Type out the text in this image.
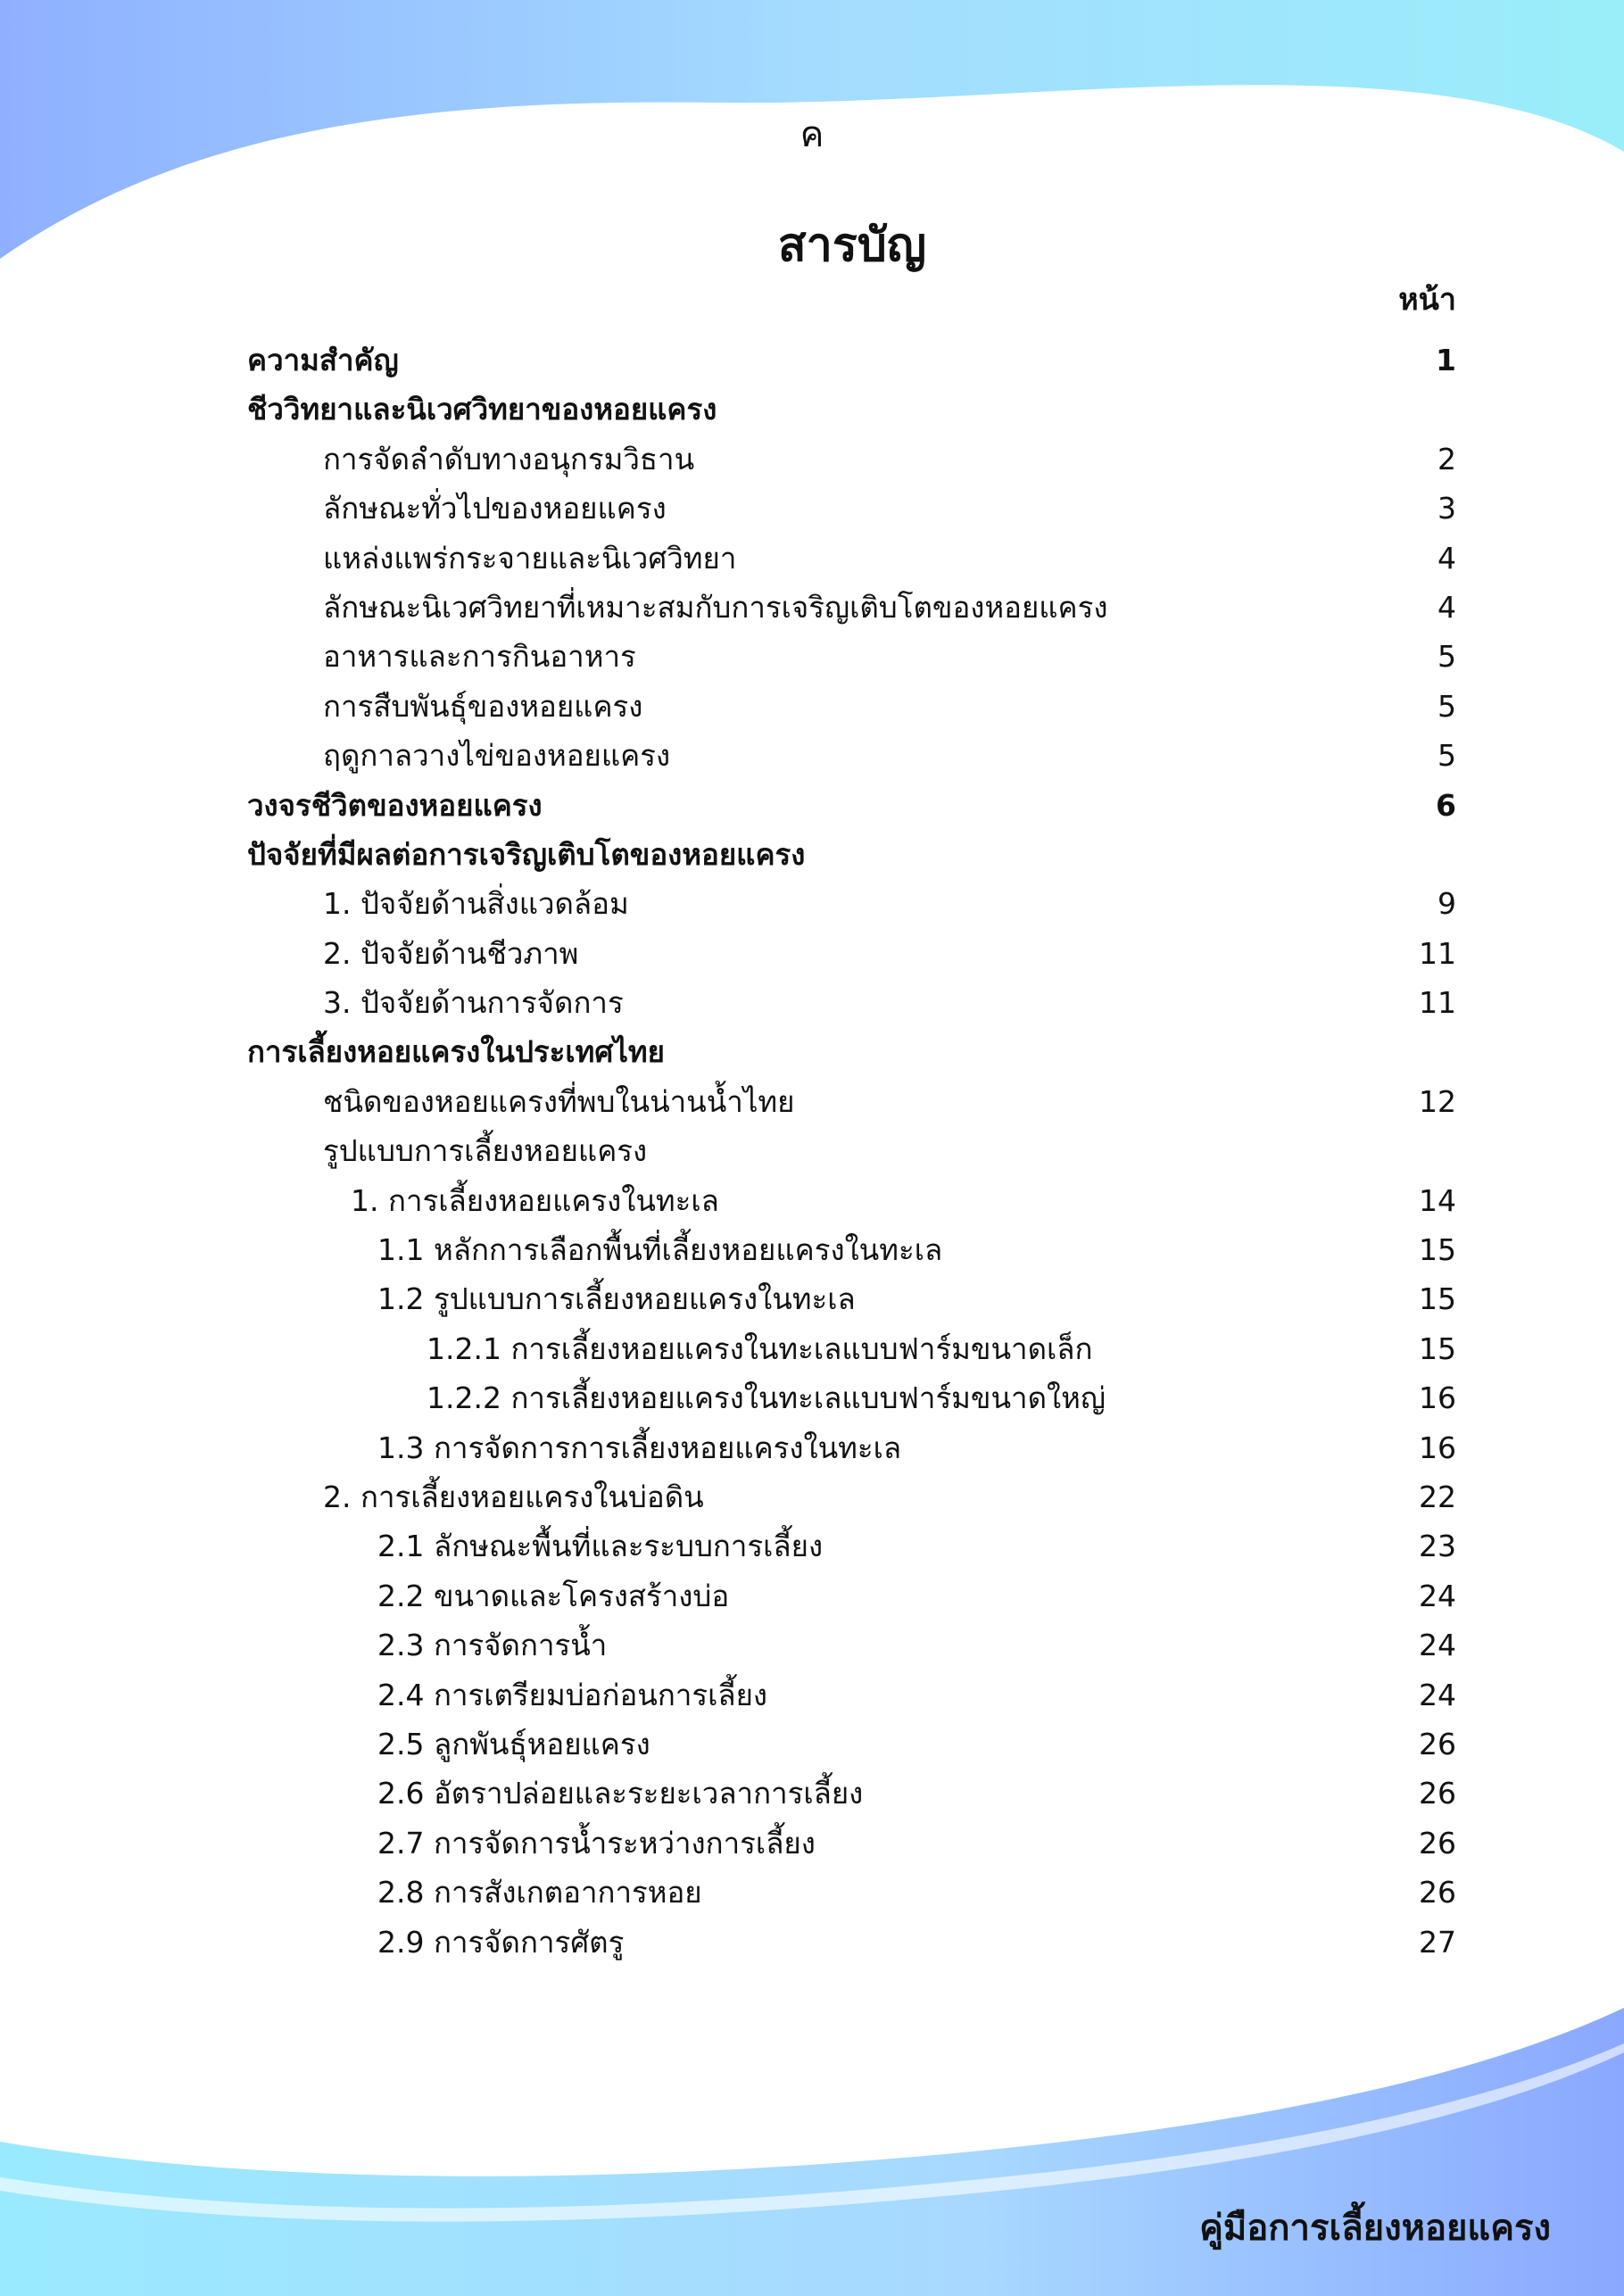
ค
สารบัญ
หน้า
ความสำคัญ	1
ชีววิทยาและนิเวศวิทยาของหอยแครง
การจัดลำดับทางอนุกรมวิธาน	2
ลักษณะทั่วไปของหอยแครง	3
แหล่งแพร่กระจายและนิเวศวิทยา	4
ลักษณะนิเวศวิทยาที่เหมาะสมกับการเจริญเติบโตของหอยแครง	4
อาหารและการกินอาหาร	5
การสืบพันธุ์ของหอยแครง	5
ฤดูกาลวางไข่ของหอยแครง	5
วงจรชีวิตของหอยแครง	6
ปัจจัยที่มีผลต่อการเจริญเติบโตของหอยแครง
1. ปัจจัยด้านสิ่งแวดล้อม	9
2. ปัจจัยด้านชีวภาพ	11
3. ปัจจัยด้านการจัดการ	11
การเลี้ยงหอยแครงในประเทศไทย
ชนิดของหอยแครงที่พบในน่านน้ำไทย	12
รูปแบบการเลี้ยงหอยแครง
1. การเลี้ยงหอยแครงในทะเล	14
1.1 หลักการเลือกพื้นที่เลี้ยงหอยแครงในทะเล	15
1.2 รูปแบบการเลี้ยงหอยแครงในทะเล	15
1.2.1 การเลี้ยงหอยแครงในทะเลแบบฟาร์มขนาดเล็ก	15
1.2.2 การเลี้ยงหอยแครงในทะเลแบบฟาร์มขนาดใหญ่	16
1.3 การจัดการการเลี้ยงหอยแครงในทะเล	16
2. การเลี้ยงหอยแครงในบ่อดิน	22
2.1 ลักษณะพื้นที่และระบบการเลี้ยง	23
2.2 ขนาดและโครงสร้างบ่อ	24
2.3 การจัดการน้ำ	24
2.4 การเตรียมบ่อก่อนการเลี้ยง	24
2.5 ลูกพันธุ์หอยแครง	26
2.6 อัตราปล่อยและระยะเวลาการเลี้ยง	26
2.7 การจัดการน้ำระหว่างการเลี้ยง	26
2.8 การสังเกตอาการหอย	26
2.9 การจัดการศัตรู	27
คู่มือการเลี้ยงหอยแครง
